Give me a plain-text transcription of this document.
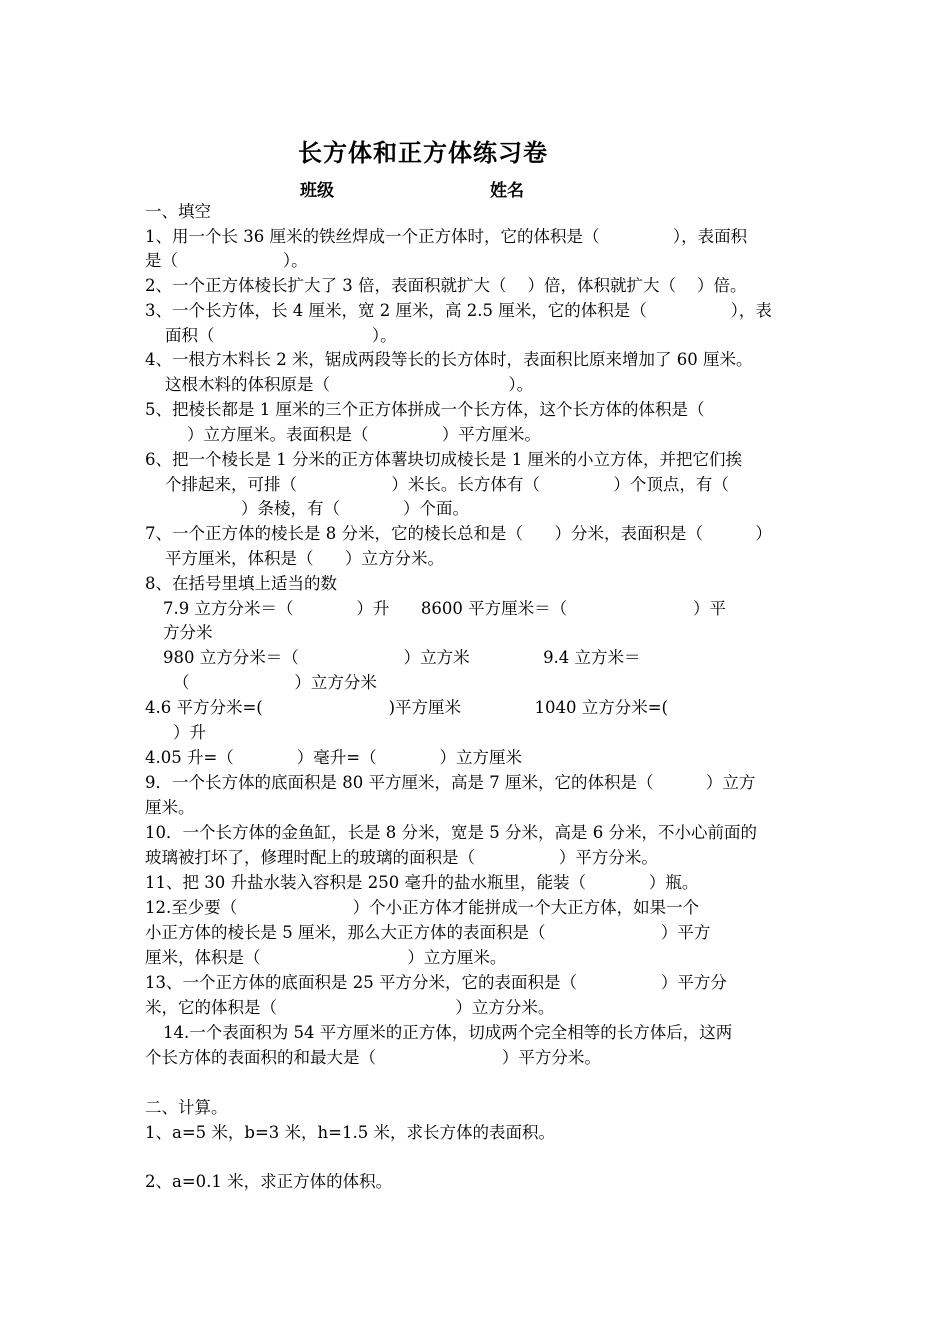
长方体和正方体练习卷
班级	姓名
一、填空
1、用一个长 36 厘米的铁丝焊成一个正方体时，它的体积是（              ），表面积
是（                    ）。
2、一个正方体棱长扩大了 3 倍，表面积就扩大（    ）倍，体积就扩大（    ）倍。
3、一个长方体，长 4 厘米，宽 2 厘米，高 2.5 厘米，它的体积是（                ），表
面积（                              ）。
4、一根方木料长 2 米，锯成两段等长的长方体时，表面积比原来增加了 60 厘米。
这根木料的体积原是（                                  ）。
5、把棱长都是 1 厘米的三个正方体拼成一个长方体，这个长方体的体积是（
）立方厘米。表面积是（              ）平方厘米。
6、把一个棱长是 1 分米的正方体薯块切成棱长是 1 厘米的小立方体，并把它们挨
个排起来，可排（                  ）米长。长方体有（              ）个顶点，有（
）条棱，有（            ）个面。
7、一个正方体的棱长是 8 分米，它的棱长总和是（      ）分米，表面积是（          ）
平方厘米，体积是（      ）立方分米。
8、在括号里填上适当的数
7.9 立方分米＝（            ）升      8600 平方厘米＝（                        ）平
方分米
980 立方分米＝（                    ）立方米              9.4 立方米＝
（                    ）立方分米
4.6 平方分米=(                        )平方厘米              1040 立方分米=(
）升
4.05 升=（            ）毫升=（            ）立方厘米
9．一个长方体的底面积是 80 平方厘米，高是 7 厘米，它的体积是（          ）立方
厘米。
10．一个长方体的金鱼缸，长是 8 分米，宽是 5 分米，高是 6 分米，不小心前面的
玻璃被打坏了，修理时配上的玻璃的面积是（                ）平方分米。
11、把 30 升盐水装入容积是 250 毫升的盐水瓶里，能装（            ）瓶。
12.至少要（                      ）个小正方体才能拼成一个大正方体，如果一个
小正方体的棱长是 5 厘米，那么大正方体的表面积是（                      ）平方
厘米，体积是（                            ）立方厘米。
13、一个正方体的底面积是 25 平方分米，它的表面积是（                ）平方分
米，它的体积是（                                  ）立方分米。
14.一个表面积为 54 平方厘米的正方体，切成两个完全相等的长方体后，这两
个长方体的表面积的和最大是（                        ）平方分米。
二、计算。
1、a=5 米，b=3 米，h=1.5 米，求长方体的表面积。
2、a=0.1 米，求正方体的体积。
